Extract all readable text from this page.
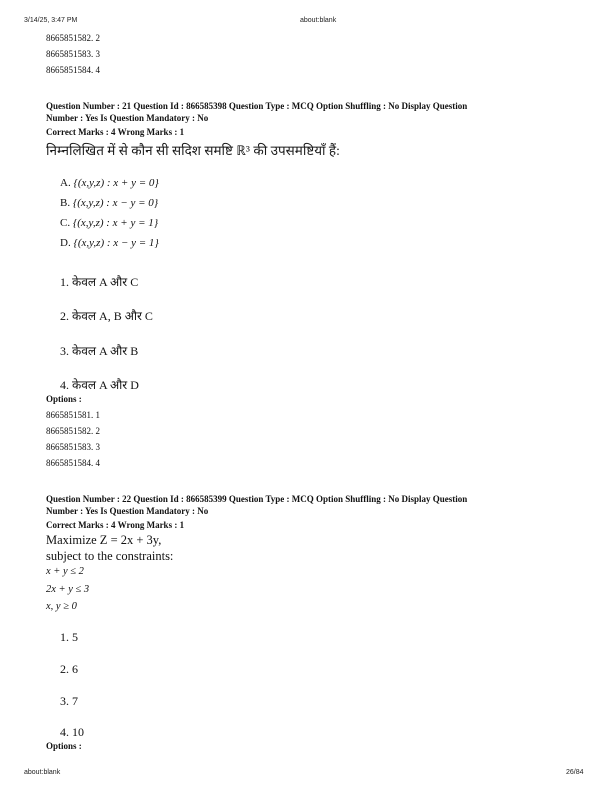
3/14/25, 3:47 PM	about:blank
8665851582. 2
8665851583. 3
8665851584. 4
Question Number : 21 Question Id : 866585398 Question Type : MCQ Option Shuffling : No Display Question
Number : Yes Is Question Mandatory : No
Correct Marks : 4 Wrong Marks : 1
निम्नलिखित में से कौन सी सदिश समष्टि ℝ³ की उपसमष्टियाँ हैं:
A. {(x,y,z) : x + y = 0}
B. {(x,y,z) : x − y = 0}
C. {(x,y,z) : x + y = 1}
D. {(x,y,z) : x − y = 1}
1. केवल A और C
2. केवल A, B और C
3. केवल A और B
4. केवल A और D
Options :
8665851581. 1
8665851582. 2
8665851583. 3
8665851584. 4
Question Number : 22 Question Id : 866585399 Question Type : MCQ Option Shuffling : No Display Question
Number : Yes Is Question Mandatory : No
Correct Marks : 4 Wrong Marks : 1
Maximize Z = 2x + 3y,
subject to the constraints:
x + y ≤ 2
2x + y ≤ 3
x, y ≥ 0
1. 5
2. 6
3. 7
4. 10
Options :
about:blank	26/84
